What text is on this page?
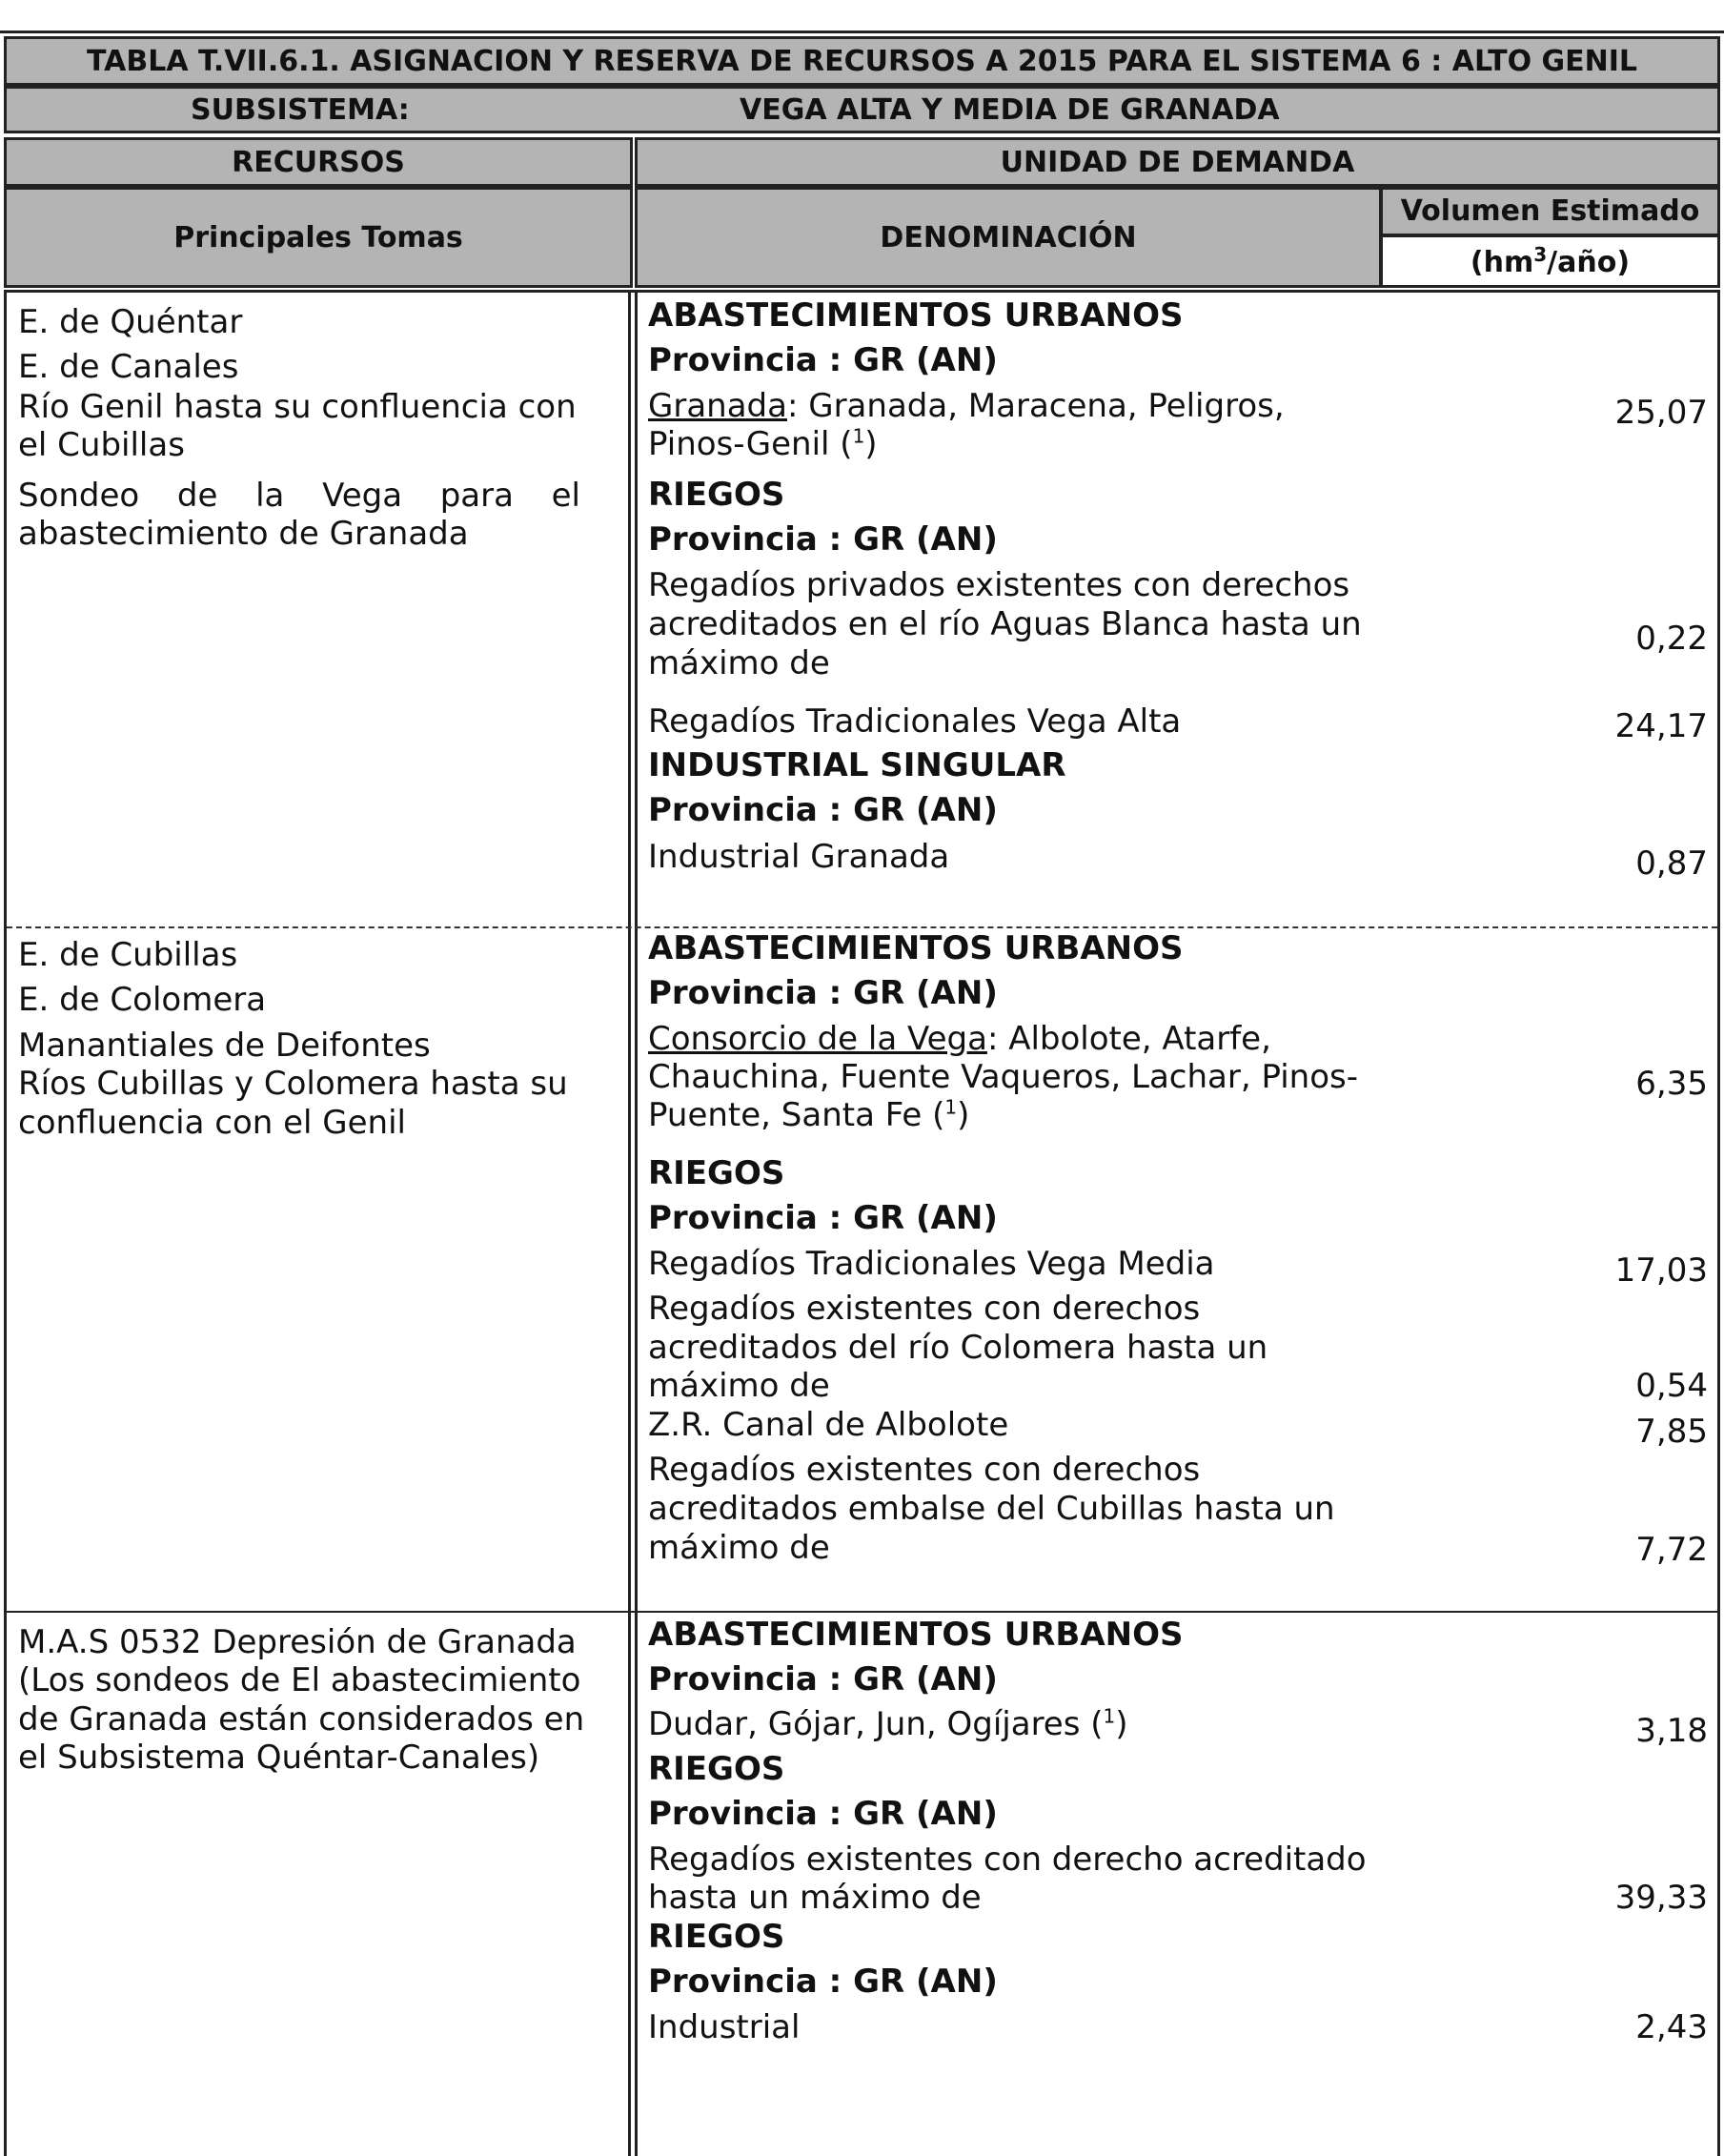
TABLA T.VII.6.1. ASIGNACION Y RESERVA DE RECURSOS A 2015 PARA EL SISTEMA 6 : ALTO GENIL
SUBSISTEMA:	VEGA ALTA Y MEDIA DE GRANADA
RECURSOS
Principales Tomas
UNIDAD DE DEMANDA
DENOMINACIÓN
Volumen Estimado
$(hm^3/año)$
E. de Quéntar
E. de Canales
Río Genil hasta su confluencia con
el Cubillas
Sondeo de la Vega para el
abastecimiento de Granada
ABASTECIMIENTOS URBANOS
Provincia : GR (AN)
Granada: Granada, Maracena, Peligros,
Pinos-Genil ($^1$)
25,07
RIEGOS
Provincia : GR (AN)
Regadíos privados existentes con derechos
acreditados en el río Aguas Blanca hasta un
máximo de
0,22
Regadíos Tradicionales Vega Alta	24,17
INDUSTRIAL SINGULAR
Provincia : GR (AN)
Industrial Granada	0,87
E. de Cubillas
E. de Colomera
Manantiales de Deifontes
Ríos Cubillas y Colomera hasta su
confluencia con el Genil
ABASTECIMIENTOS URBANOS
Provincia : GR (AN)
Consorcio de la Vega: Albolote, Atarfe,
Chauchina, Fuente Vaqueros, Lachar, Pinos-
Puente, Santa Fe ($^1$)
6,35
RIEGOS
Provincia : GR (AN)
Regadíos Tradicionales Vega Media	17,03
Regadíos existentes con derechos
acreditados del río Colomera hasta un
máximo de	0,54
Z.R. Canal de Albolote	7,85
Regadíos existentes con derechos
acreditados embalse del Cubillas hasta un
máximo de	7,72
M.A.S 0532 Depresión de Granada
(Los sondeos de El abastecimiento
de Granada están considerados en
el Subsistema Quéntar-Canales)
ABASTECIMIENTOS URBANOS
Provincia : GR (AN)
Dudar, Gójar, Jun, Ogíjares ($^1$)	3,18
RIEGOS
Provincia : GR (AN)
Regadíos existentes con derecho acreditado
hasta un máximo de	39,33
RIEGOS
Provincia : GR (AN)
Industrial	2,43
